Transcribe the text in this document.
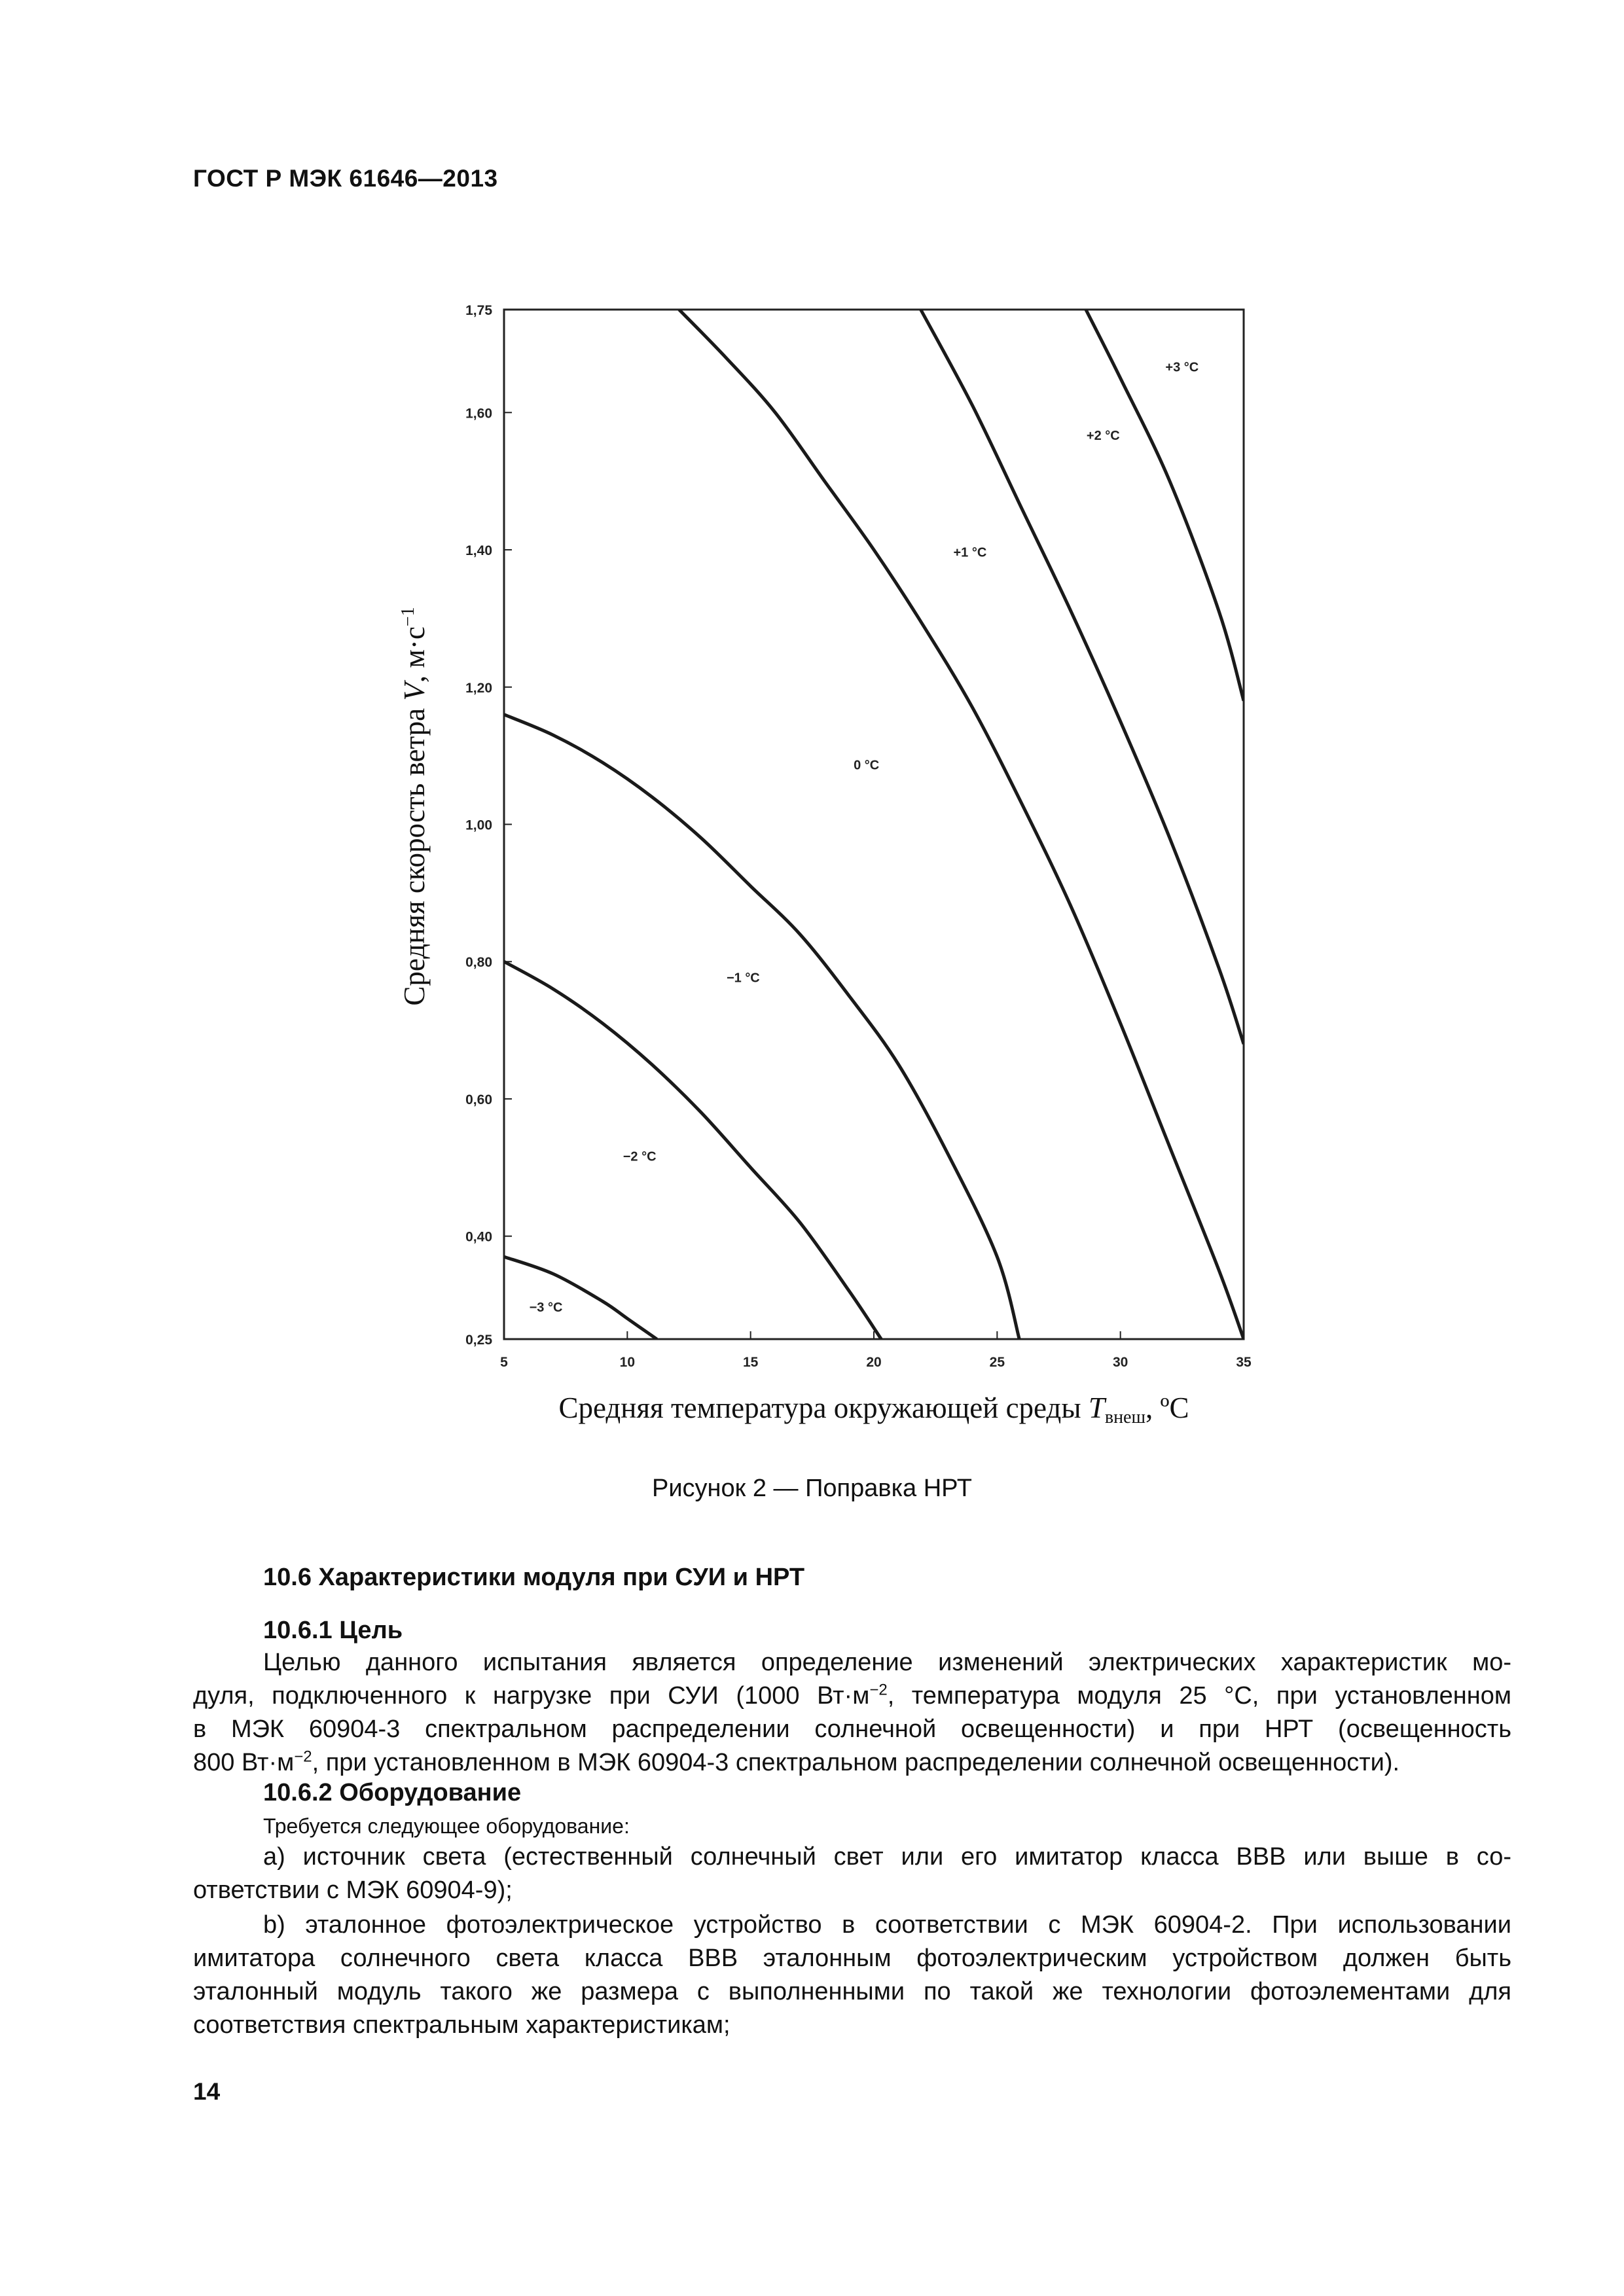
ГОСТ Р МЭК 61646—2013
5	10	15	20	25	30	35
0,25
0,40
0,60
0,80
1,00
1,20
1,40
1,60
1,75
+3 °С
+2 °С
+1 °С
0 °С
−1 °С
−2 °С
−3 °С
Средняя температура окружающей среды Tвнеш, ºС
Средняя скорость ветра V, $м\cdot с^{-1}$
Рисунок 2 — Поправка НРТ
10.6 Характеристики модуля при СУИ и НРТ
10.6.1 Цель
Целью данного испытания является определение изменений электрических характеристик мо-
дуля, подключенного к нагрузке при СУИ (1000 $Вт\cdot м^{-2}$, температура модуля 25 °С, при установленном
в МЭК 60904-3 спектральном распределении солнечной освещенности) и при НРТ (освещенность
800 $Вт\cdot м^{-2}$, при установленном в МЭК 60904-3 спектральном распределении солнечной освещенности).
10.6.2 Оборудование
Требуется следующее оборудование:
a) источник света (естественный солнечный свет или его имитатор класса ВВВ или выше в со-
ответствии с МЭК 60904-9);
b) эталонное фотоэлектрическое устройство в соответствии с МЭК 60904-2. При использовании
имитатора солнечного света класса ВВВ эталонным фотоэлектрическим устройством должен быть
эталонный модуль такого же размера с выполненными по такой же технологии фотоэлементами для
соответствия спектральным характеристикам;
14
